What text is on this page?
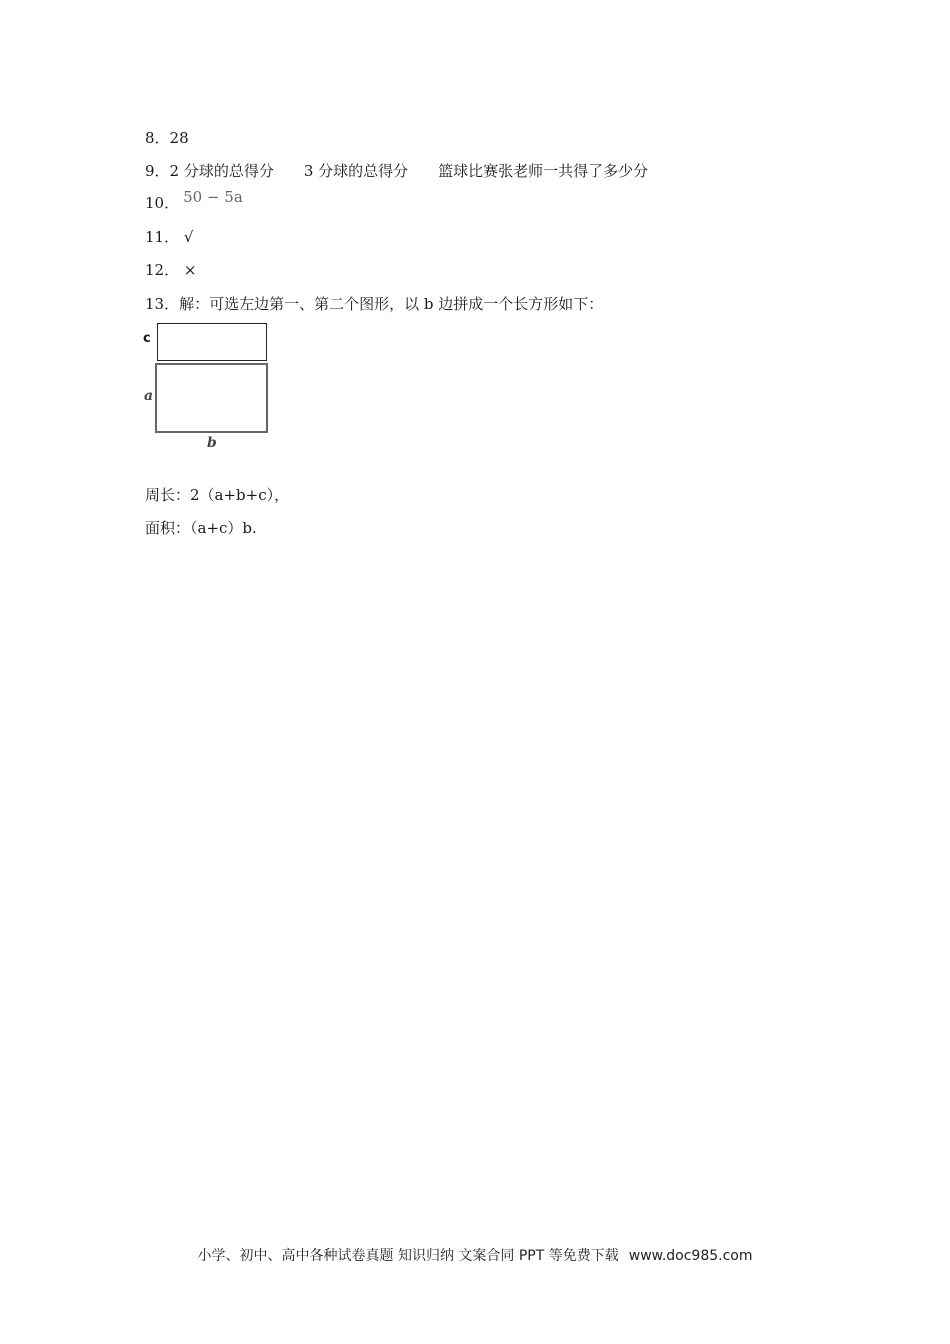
8．28
9．2 分球的总得分 3 分球的总得分 篮球比赛张老师一共得了多少分
10． 50 − 5a
11． √
12． ×
13．解：可选左边第一、第二个图形，以 b 边拼成一个长方形如下：
c
a
b
周长：2（a+b+c），
面积：（a+c）b.
小学、初中、高中各种试卷真题 知识归纳 文案合同 PPT 等免费下载 www.doc985.com
